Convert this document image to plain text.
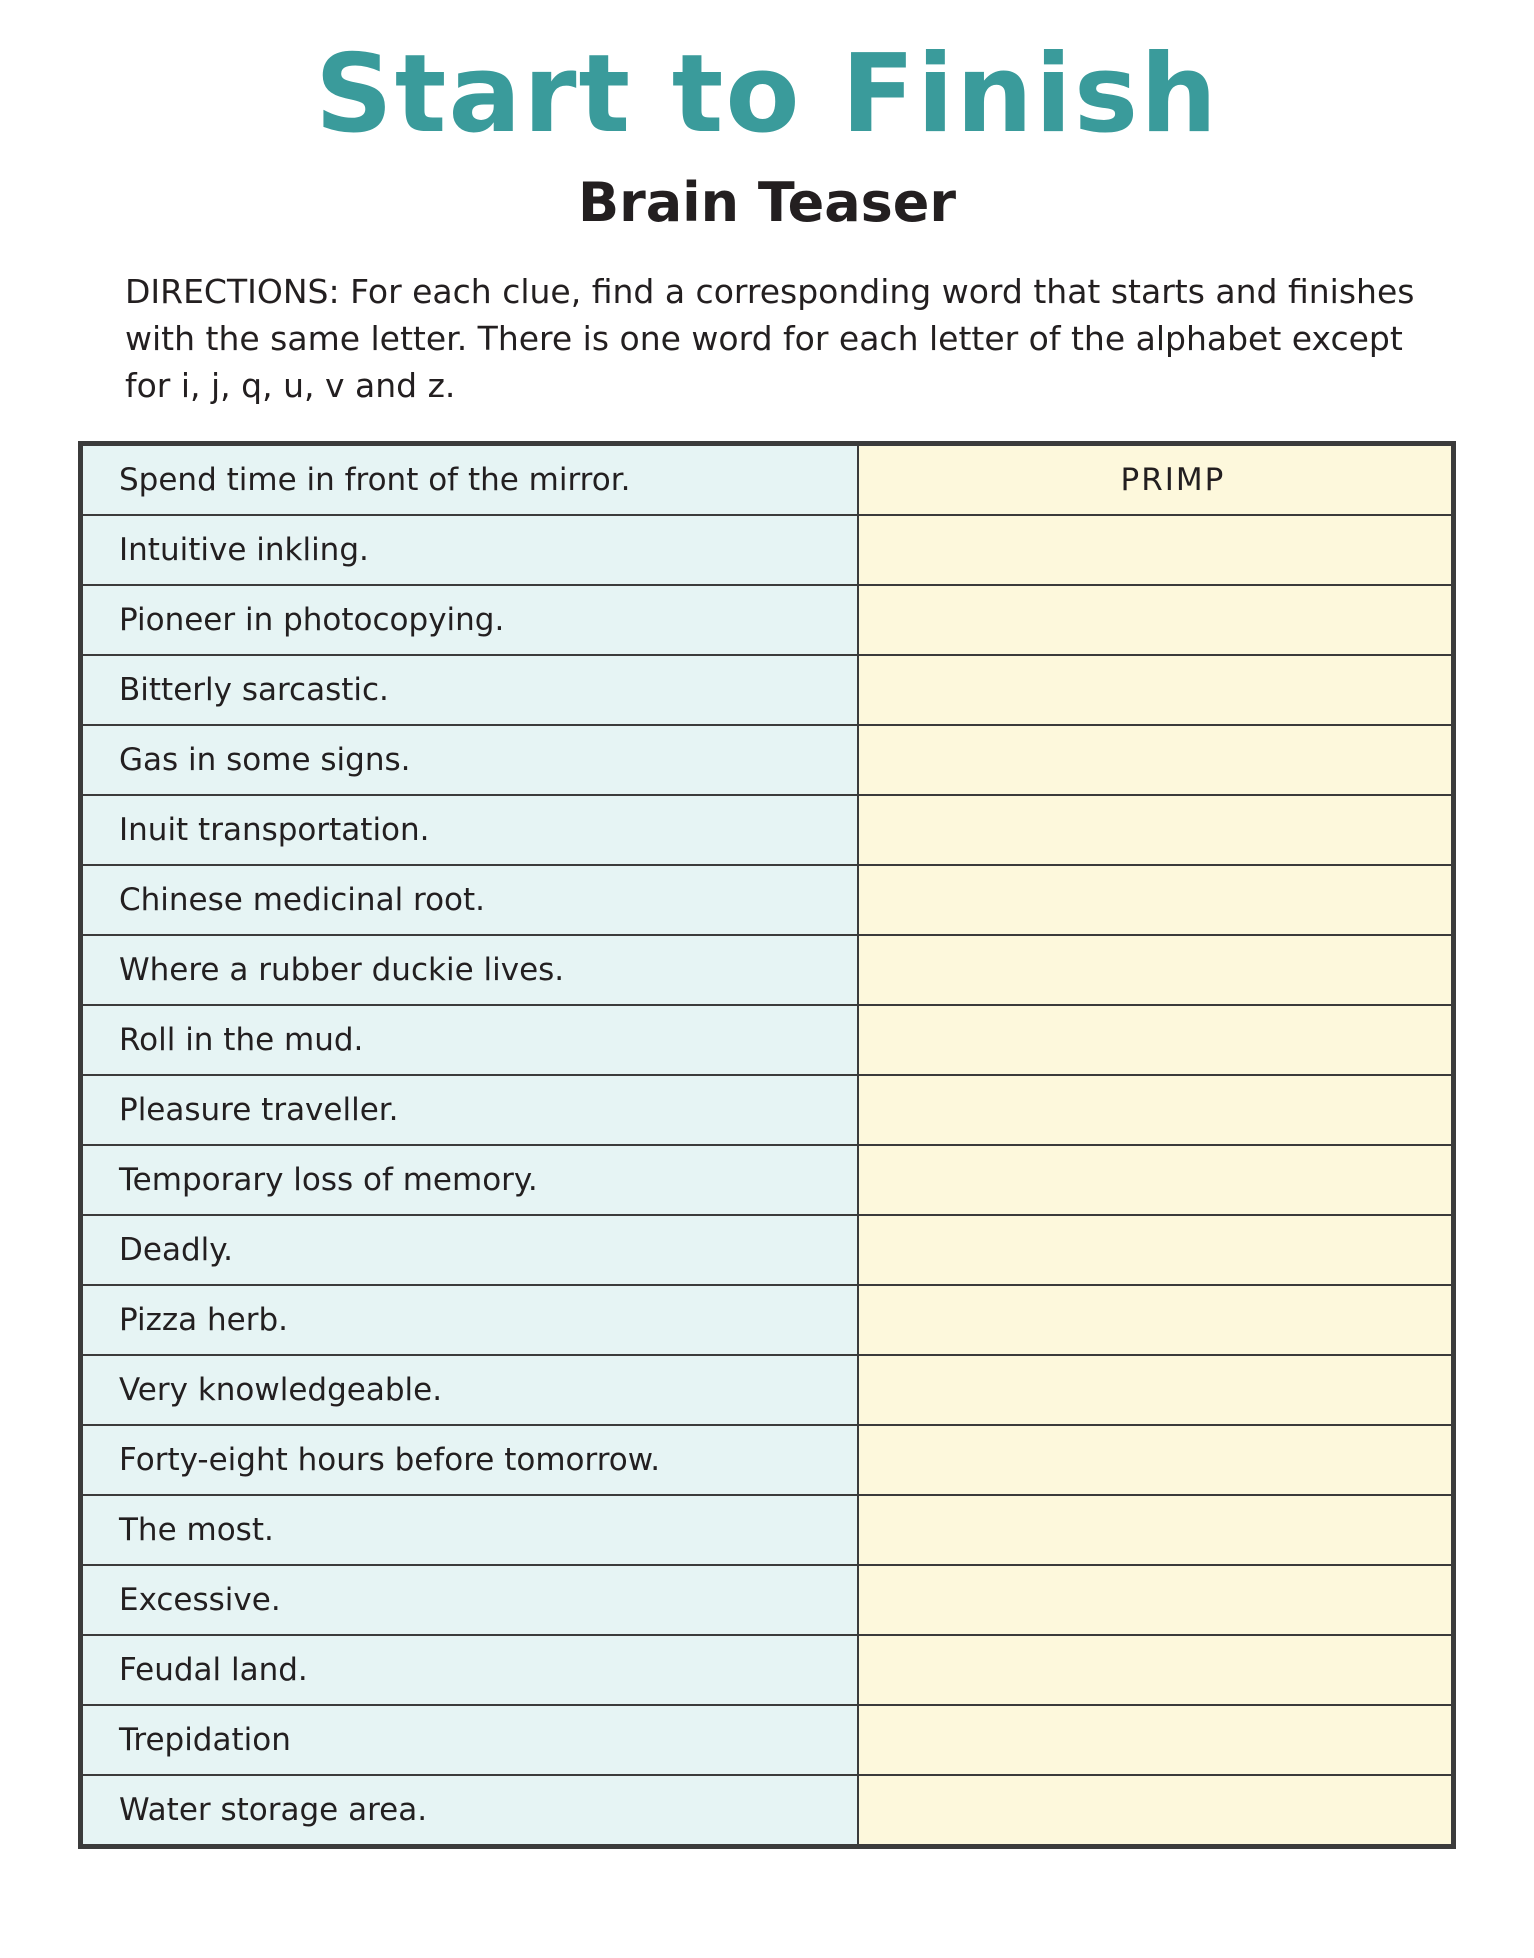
Start to Finish
Brain Teaser

DIRECTIONS: For each clue, find a corresponding word that starts and finishes with the same letter. There is one word for each letter of the alphabet except for i, j, q, u, v and z.

Spend time in front of the mirror.	PRIMP
Intuitive inkling.	
Pioneer in photocopying.	
Bitterly sarcastic.	
Gas in some signs.	
Inuit transportation.	
Chinese medicinal root.	
Where a rubber duckie lives.	
Roll in the mud.	
Pleasure traveller.	
Temporary loss of memory.	
Deadly.	
Pizza herb.	
Very knowledgeable.	
Forty-eight hours before tomorrow.	
The most.	
Excessive.	
Feudal land.	
Trepidation	
Water storage area.	
